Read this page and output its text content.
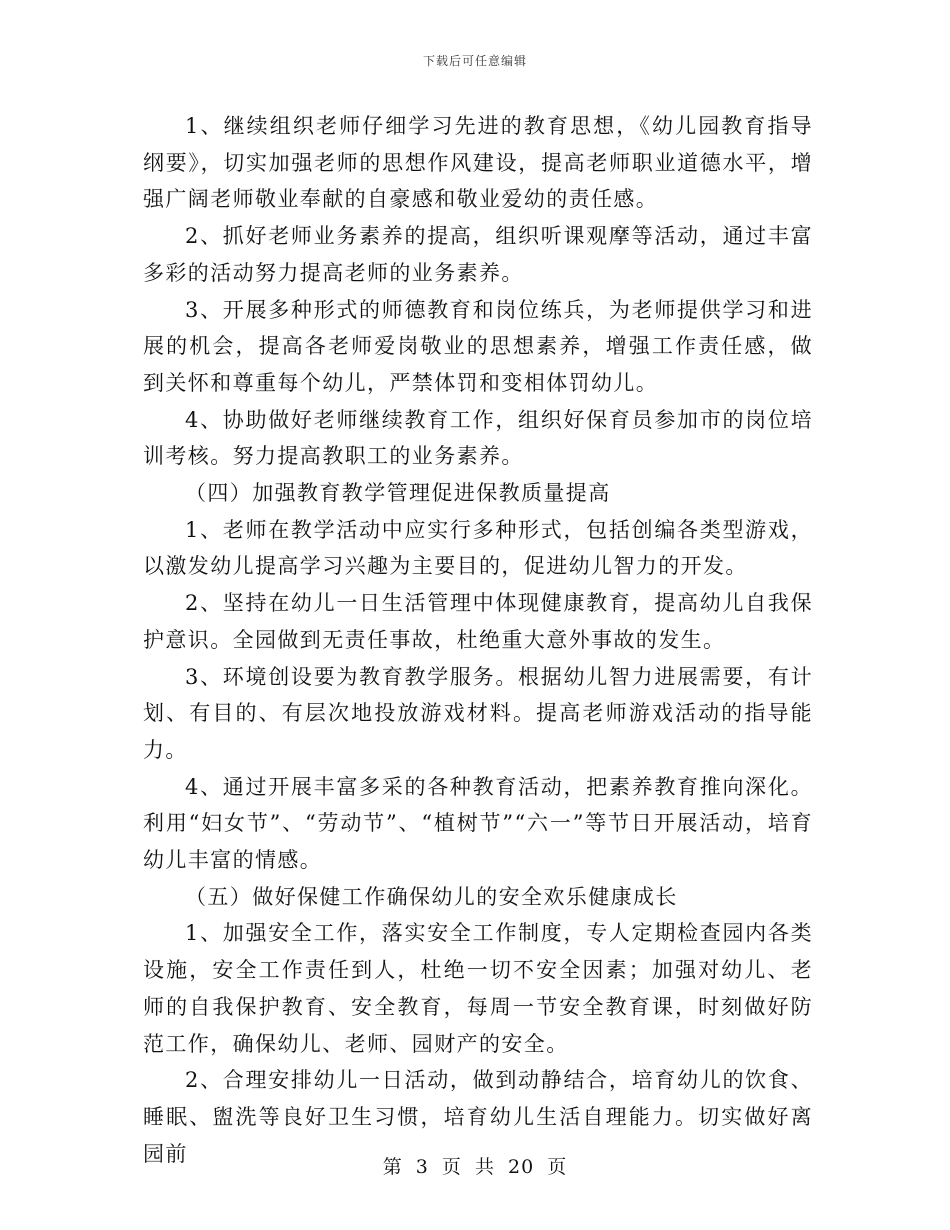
下载后可任意编辑

1、继续组织老师仔细学习先进的教育思想，《幼儿园教育指导纲要》，切实加强老师的思想作风建设，提高老师职业道德水平，增强广阔老师敬业奉献的自豪感和敬业爱幼的责任感。

2、抓好老师业务素养的提高，组织听课观摩等活动，通过丰富多彩的活动努力提高老师的业务素养。

3、开展多种形式的师德教育和岗位练兵，为老师提供学习和进展的机会，提高各老师爱岗敬业的思想素养，增强工作责任感，做到关怀和尊重每个幼儿，严禁体罚和变相体罚幼儿。

4、协助做好老师继续教育工作，组织好保育员参加市的岗位培训考核。努力提高教职工的业务素养。

（四）加强教育教学管理促进保教质量提高

1、老师在教学活动中应实行多种形式，包括创编各类型游戏，以激发幼儿提高学习兴趣为主要目的，促进幼儿智力的开发。

2、坚持在幼儿一日生活管理中体现健康教育，提高幼儿自我保护意识。全园做到无责任事故，杜绝重大意外事故的发生。

3、环境创设要为教育教学服务。根据幼儿智力进展需要，有计划、有目的、有层次地投放游戏材料。提高老师游戏活动的指导能力。

4、通过开展丰富多采的各种教育活动，把素养教育推向深化。利用“妇女节”、“劳动节”、“植树节”“六一”等节日开展活动，培育幼儿丰富的情感。

（五）做好保健工作确保幼儿的安全欢乐健康成长

1、加强安全工作，落实安全工作制度，专人定期检查园内各类设施，安全工作责任到人，杜绝一切不安全因素；加强对幼儿、老师的自我保护教育、安全教育，每周一节安全教育课，时刻做好防范工作，确保幼儿、老师、园财产的安全。

2、合理安排幼儿一日活动，做到动静结合，培育幼儿的饮食、睡眠、盥洗等良好卫生习惯，培育幼儿生活自理能力。切实做好离园前

第 3 页 共 20 页
